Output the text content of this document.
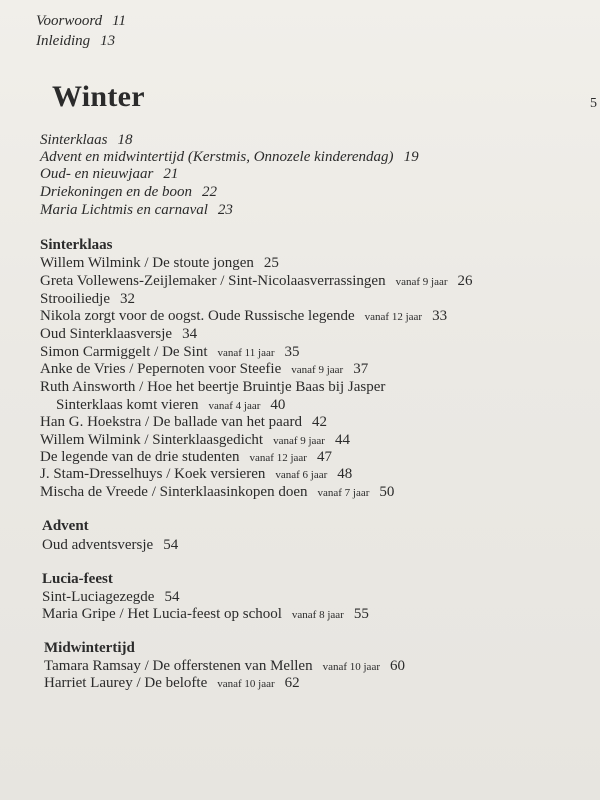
Voorwoord 11
Inleiding 13
Winter	5
Sinterklaas 18
Advent en midwintertijd (Kerstmis, Onnozele kinderendag) 19
Oud- en nieuwjaar 21
Driekoningen en de boon 22
Maria Lichtmis en carnaval 23
Sinterklaas
Willem Wilmink / De stoute jongen 25
Greta Vollewens-Zeijlemaker / Sint-Nicolaasverrassingen vanaf 9 jaar 26
Strooiliedje 32
Nikola zorgt voor de oogst. Oude Russische legende vanaf 12 jaar 33
Oud Sinterklaasversje 34
Simon Carmiggelt / De Sint vanaf 11 jaar 35
Anke de Vries / Pepernoten voor Steefie vanaf 9 jaar 37
Ruth Ainsworth / Hoe het beertje Bruintje Baas bij Jasper
Sinterklaas komt vieren vanaf 4 jaar 40
Han G. Hoekstra / De ballade van het paard 42
Willem Wilmink / Sinterklaasgedicht vanaf 9 jaar 44
De legende van de drie studenten vanaf 12 jaar 47
J. Stam-Dresselhuys / Koek versieren vanaf 6 jaar 48
Mischa de Vreede / Sinterklaasinkopen doen vanaf 7 jaar 50
Advent
Oud adventsversje 54
Lucia-feest
Sint-Luciagezegde 54
Maria Gripe / Het Lucia-feest op school vanaf 8 jaar 55
Midwintertijd
Tamara Ramsay / De offerstenen van Mellen vanaf 10 jaar 60
Harriet Laurey / De belofte vanaf 10 jaar 62
